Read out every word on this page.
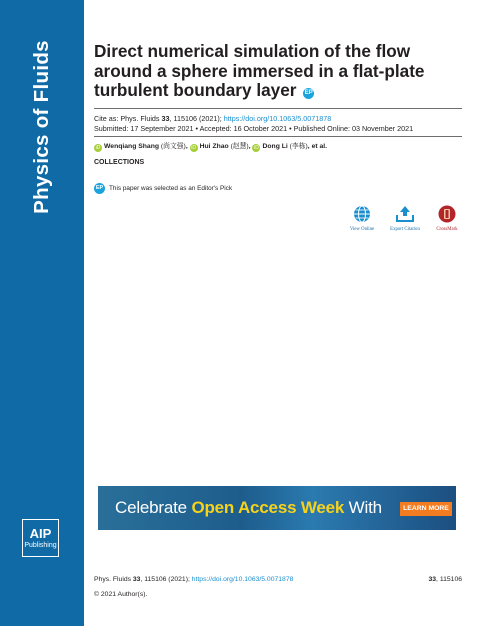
Physics of Fluids
AIP
Publishing
Direct numerical simulation of the flow around a sphere immersed in a flat-plate turbulent boundary layer EP
Cite as: Phys. Fluids 33, 115106 (2021); https://doi.org/10.1063/5.0071878
Submitted: 17 September 2021 • Accepted: 16 October 2021 • Published Online: 03 November 2021
iD Wenqiang Shang (尚文强), iD Hui Zhao (赵慧), iD Dong Li (李栋), et al.
COLLECTIONS
EP This paper was selected as an Editor's Pick
View Online	Export Citation	CrossMark
Celebrate Open Access Week With	AIP
Publishing
LEARN MORE
Phys. Fluids 33, 115106 (2021); https://doi.org/10.1063/5.0071878	33, 115106
© 2021 Author(s).
